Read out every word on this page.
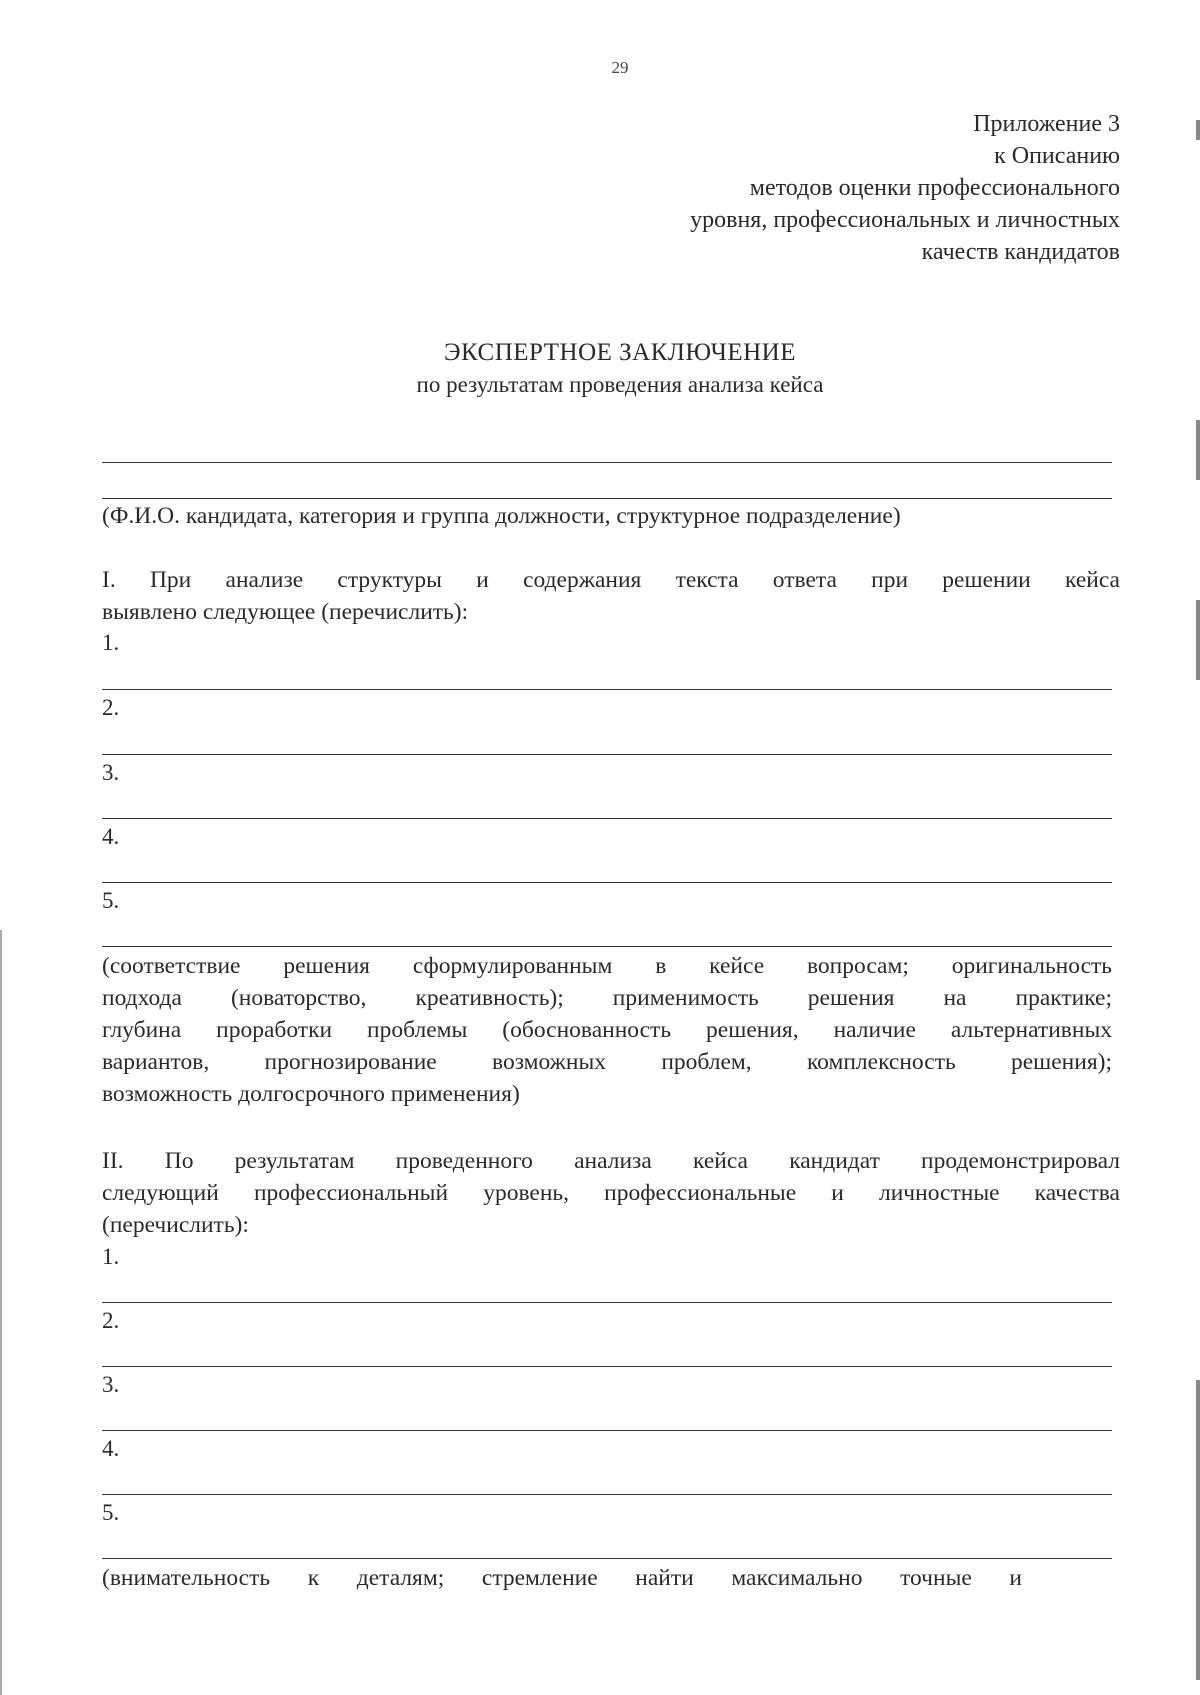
29
Приложение 3
к Описанию
методов оценки профессионального
уровня, профессиональных и личностных
качеств кандидатов
ЭКСПЕРТНОЕ ЗАКЛЮЧЕНИЕ
по результатам проведения анализа кейса
(Ф.И.О. кандидата, категория и группа должности, структурное подразделение)
I. При анализе структуры и содержания текста ответа при решении кейса
выявлено следующее (перечислить):
1.
2.
3.
4.
5.
(соответствие решения сформулированным в кейсе вопросам; оригинальность
подхода (новаторство, креативность); применимость решения на практике;
глубина проработки проблемы (обоснованность решения, наличие альтернативных
вариантов, прогнозирование возможных проблем, комплексность решения);
возможность долгосрочного применения)
II. По результатам проведенного анализа кейса кандидат продемонстрировал
следующий профессиональный уровень, профессиональные и личностные качества
(перечислить):
1.
2.
3.
4.
5.
(внимательность к деталям; стремление найти максимально точные и
